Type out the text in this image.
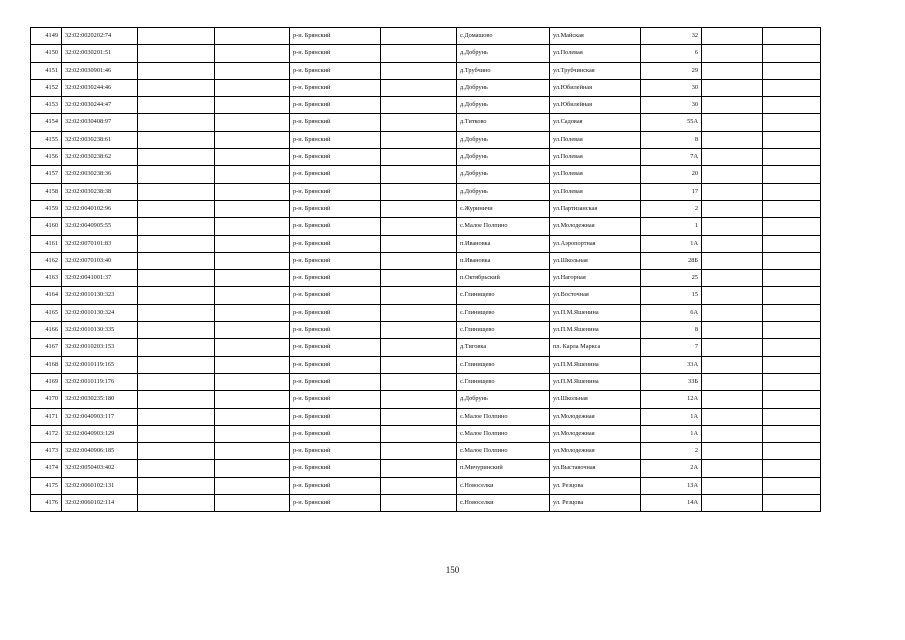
4149	32:02:0020202:74			р-н. Брянский		с.Домашово	ул.Майская	32		
4150	32:02:0030201:51			р-н. Брянский		д.Добрунь	ул.Полевая	6		
4151	32:02:0030901:46			р-н. Брянский		д.Трубчино	ул.Трубчинская	29		
4152	32:02:0030244:46			р-н. Брянский		д.Добрунь	ул.Юбилейная	30		
4153	32:02:0030244:47			р-н. Брянский		д.Добрунь	ул.Юбилейная	30		
4154	32:02:0030408:97			р-н. Брянский		д.Титково	ул.Садовая	55А		
4155	32:02:0030238:61			р-н. Брянский		д.Добрунь	ул.Полевая	8		
4156	32:02:0030238:62			р-н. Брянский		д.Добрунь	ул.Полевая	7А		
4157	32:02:0030238:36			р-н. Брянский		д.Добрунь	ул.Полевая	20		
4158	32:02:0030238:38			р-н. Брянский		д.Добрунь	ул.Полевая	17		
4159	32:02:0040102:96			р-н. Брянский		с.Журиничи	ул.Партизанская	2		
4160	32:02:0040905:55			р-н. Брянский		с.Малое Полпино	ул.Молодежная	1		
4161	32:02:0070101:83			р-н. Брянский		п.Ивановка	ул.Аэропортная	1А		
4162	32:02:0070103:40			р-н. Брянский		п.Ивановка	ул.Школьная	28Б		
4163	32:02:0041001:37			р-н. Брянский		п.Октябрьский	ул.Нагорная	25		
4164	32:02:0010130:323			р-н. Брянский		с.Глинищево	ул.Восточная	15		
4165	32:02:0010130:324			р-н. Брянский		с.Глинищево	ул.П.М.Яшенина	6А		
4166	32:02:0010130:335			р-н. Брянский		с.Глинищево	ул.П.М.Яшенина	8		
4167	32:02:0010203:153			р-н. Брянский		д.Тиговка	пл. Карла Маркса	7		
4168	32:02:0010119:165			р-н. Брянский		с.Глинищево	ул.П.М.Яшенина	33А		
4169	32:02:0010119:176			р-н. Брянский		с.Глинищево	ул.П.М.Яшенина	33Б		
4170	32:02:0030235:180			р-н. Брянский		д.Добрунь	ул.Школьная	12А		
4171	32:02:0040903:117			р-н. Брянский		с.Малое Полпино	ул.Молодежная	1А		
4172	32:02:0040903:129			р-н. Брянский		с.Малое Полпино	ул.Молодежная	1А		
4173	32:02:0040906:185			р-н. Брянский		с.Малое Полпино	ул.Молодежная	2		
4174	32:02:0050403:402			р-н. Брянский		п.Мичуринский	ул.Выставочная	2А		
4175	32:02:0060102:131			р-н. Брянский		с.Новоселки	ул. Резцова	13А		
4176	32:02:0060102:114			р-н. Брянский		с.Новоселки	ул. Резцова	14А		
150
